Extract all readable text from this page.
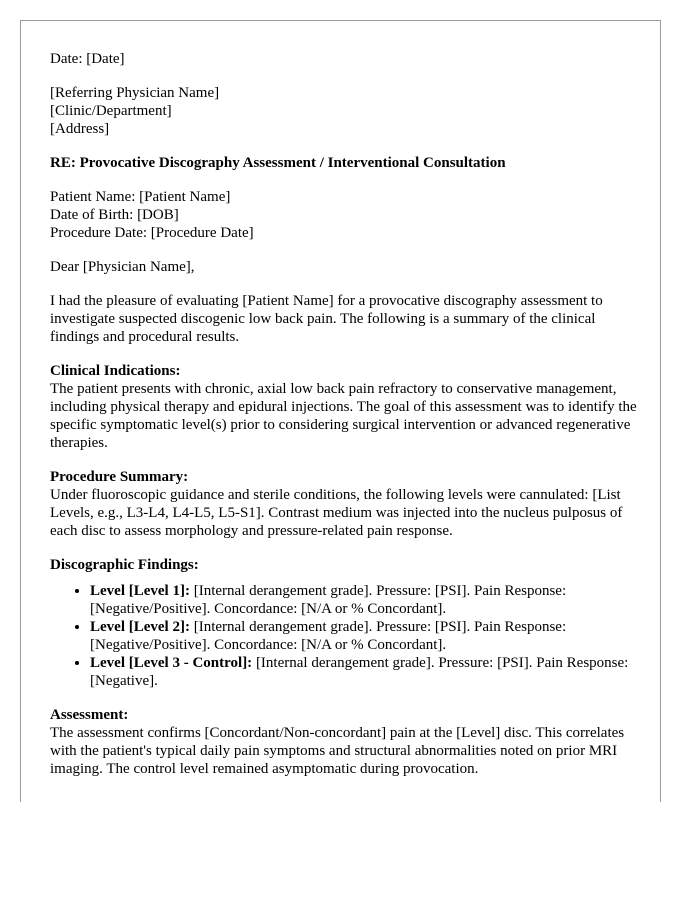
Date: [Date]
[Referring Physician Name]
[Clinic/Department]
[Address]
RE: Provocative Discography Assessment / Interventional Consultation
Patient Name: [Patient Name]
Date of Birth: [DOB]
Procedure Date: [Procedure Date]
Dear [Physician Name],

I had the pleasure of evaluating [Patient Name] for a provocative discography assessment to investigate suspected discogenic low back pain. The following is a summary of the clinical findings and procedural results.

Clinical Indications:

The patient presents with chronic, axial low back pain refractory to conservative management, including physical therapy and epidural injections. The goal of this assessment was to identify the specific symptomatic level(s) prior to considering surgical intervention or advanced regenerative therapies.

Procedure Summary:

Under fluoroscopic guidance and sterile conditions, the following levels were cannulated: [List Levels, e.g., L3-L4, L4-L5, L5-S1]. Contrast medium was injected into the nucleus pulposus of each disc to assess morphology and pressure-related pain response.

Discographic Findings:
• Level [Level 1]: [Internal derangement grade]. Pressure: [PSI]. Pain Response: [Negative/Positive]. Concordance: [N/A or % Concordant].
• Level [Level 2]: [Internal derangement grade]. Pressure: [PSI]. Pain Response: [Negative/Positive]. Concordance: [N/A or % Concordant].
• Level [Level 3 - Control]: [Internal derangement grade]. Pressure: [PSI]. Pain Response: [Negative].
Assessment:

The assessment confirms [Concordant/Non-concordant] pain at the [Level] disc. This correlates with the patient's typical daily pain symptoms and structural abnormalities noted on prior MRI imaging. The control level remained asymptomatic during provocation.
